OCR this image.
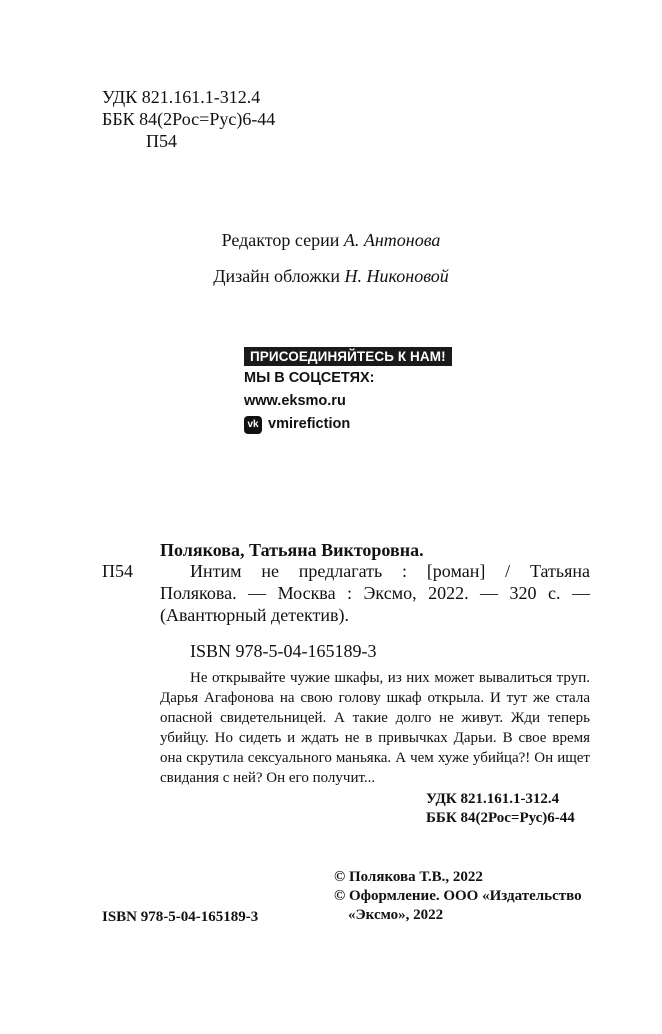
УДК 821.161.1-312.4
ББК 84(2Рос=Рус)6-44
П54
Редактор серии А. Антонова
Дизайн обложки Н. Никоновой
ПРИСОЕДИНЯЙТЕСЬ К НАМ!
МЫ В СОЦСЕТЯХ:
www.eksmo.ru
vk vmirefiction
Полякова, Татьяна Викторовна.
П54	Интим не предлагать : [роман] / Татьяна
Полякова. — Москва : Эксмо, 2022. — 320 с. —
(Авантюрный детектив).
ISBN 978-5-04-165189-3

Не открывайте чужие шкафы, из них может вывалиться труп. Дарья Агафонова на свою голову шкаф открыла. И тут же стала опасной свидетельницей. А такие долго не живут. Жди теперь убийцу. Но сидеть и ждать не в привычках Дарьи. В свое время она скрутила сексуального маньяка. А чем хуже убийца?! Он ищет свидания с ней? Он его получит...

УДК 821.161.1-312.4
ББК 84(2Рос=Рус)6-44
© Полякова Т.В., 2022
© Оформление. ООО «Издательство
«Эксмо», 2022
ISBN 978-5-04-165189-3
